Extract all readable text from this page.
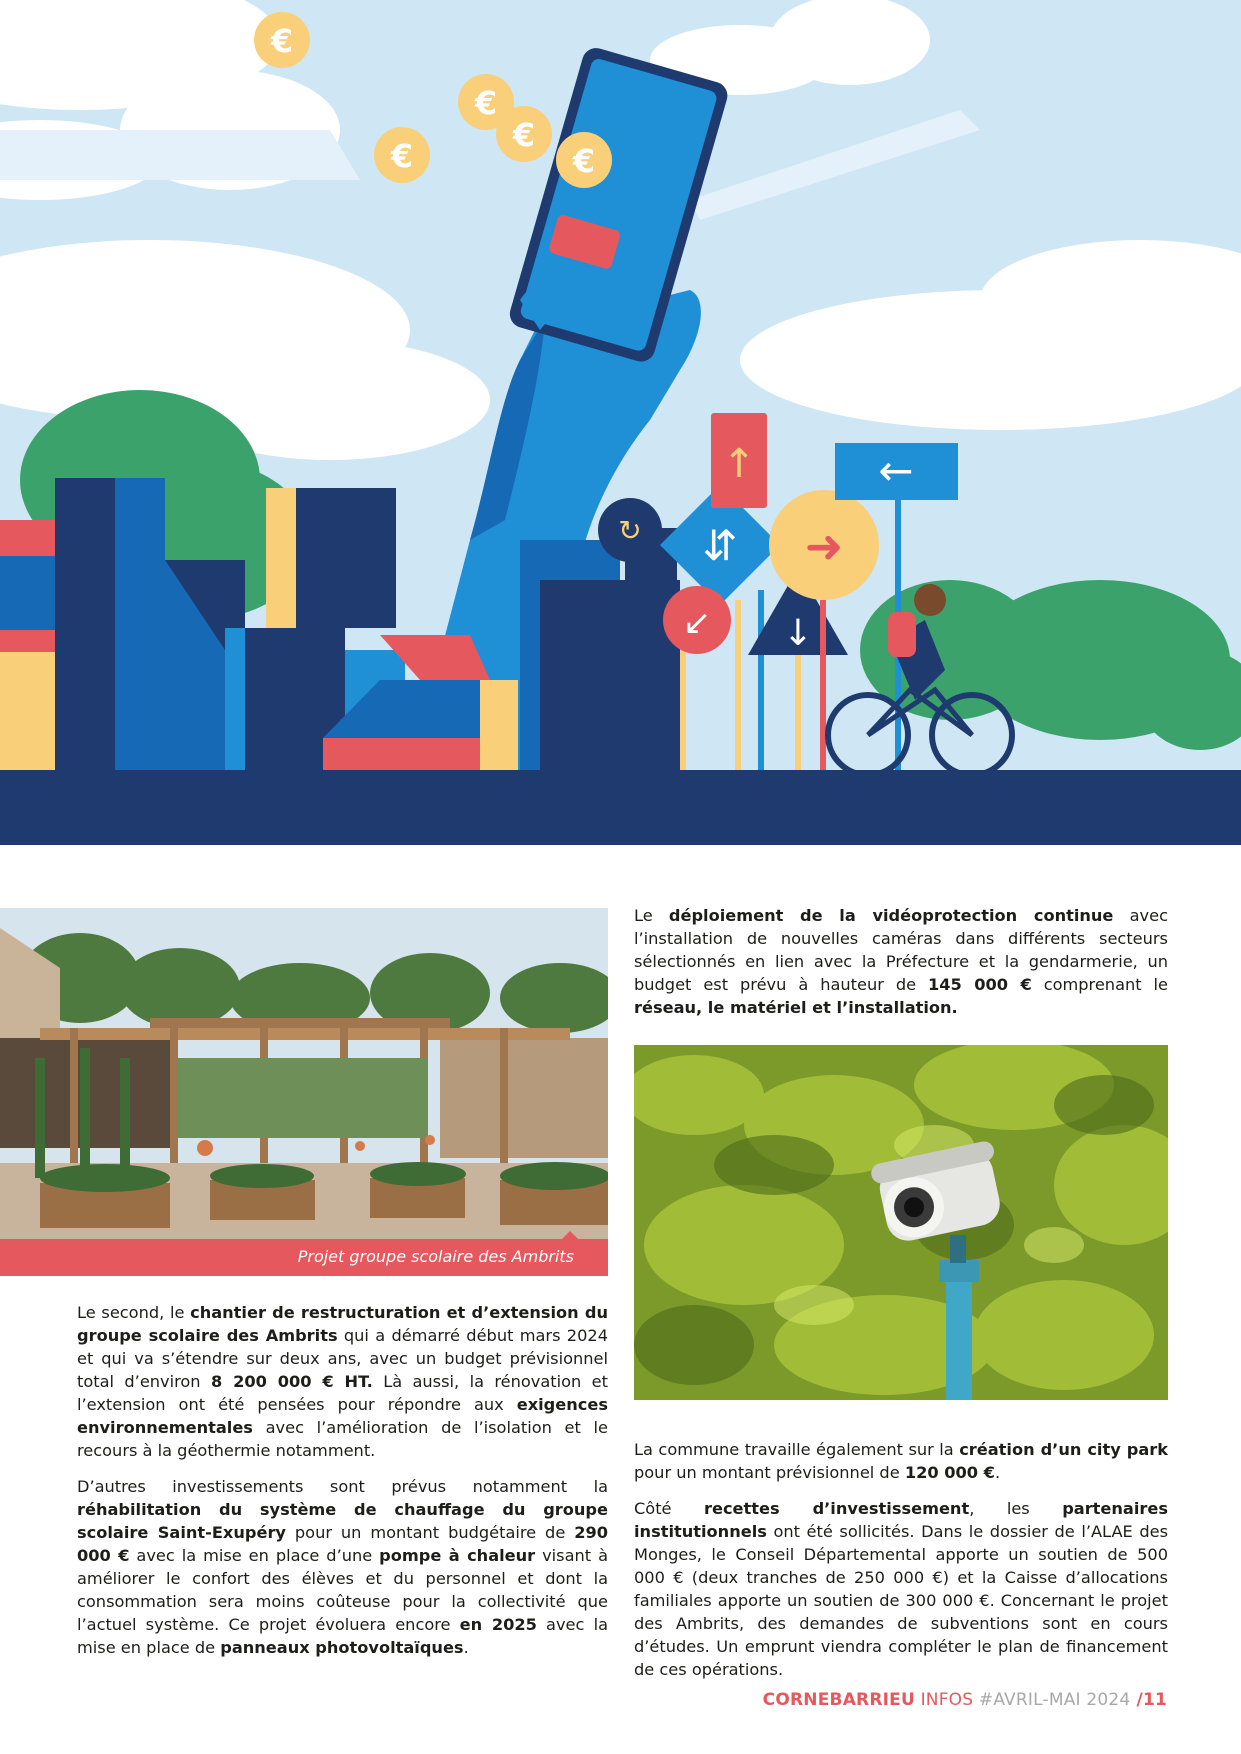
€
€
€
€
€
↻ ⇵
↑
↙ ↓
➜
←
Projet groupe scolaire des Ambrits

Le déploiement de la vidéoprotection continue avec l’installation de nouvelles caméras dans différents secteurs sélectionnés en lien avec la Préfecture et la gendarmerie, un budget est prévu à hauteur de 145 000 € comprenant le réseau, le matériel et l’installation.

Le second, le chantier de restructuration et d’extension du groupe scolaire des Ambrits qui a démarré début mars 2024 et qui va s’étendre sur deux ans, avec un budget prévisionnel total d’environ 8 200 000 € HT. Là aussi, la rénovation et l’extension ont été pensées pour répondre aux exigences environnementales avec l’amélioration de l’isolation et le recours à la géothermie notamment.

D’autres investissements sont prévus notamment la réhabilitation du système de chauffage du groupe scolaire Saint-Exupéry pour un montant budgétaire de 290 000 € avec la mise en place d’une pompe à chaleur visant à améliorer le confort des élèves et du personnel et dont la consommation sera moins coûteuse pour la collectivité que l’actuel système. Ce projet évoluera encore en 2025 avec la mise en place de panneaux photovoltaïques.

La commune travaille également sur la création d’un city park pour un montant prévisionnel de 120 000 €.

Côté recettes d’investissement, les partenaires institutionnels ont été sollicités. Dans le dossier de l’ALAE des Monges, le Conseil Départemental apporte un soutien de 500 000 € (deux tranches de 250 000 €) et la Caisse d’allocations familiales apporte un soutien de 300 000 €. Concernant le projet des Ambrits, des demandes de subventions sont en cours d’études. Un emprunt viendra compléter le plan de financement de ces opérations.

CORNEBARRIEU INFOS #AVRIL-MAI 2024 /11
